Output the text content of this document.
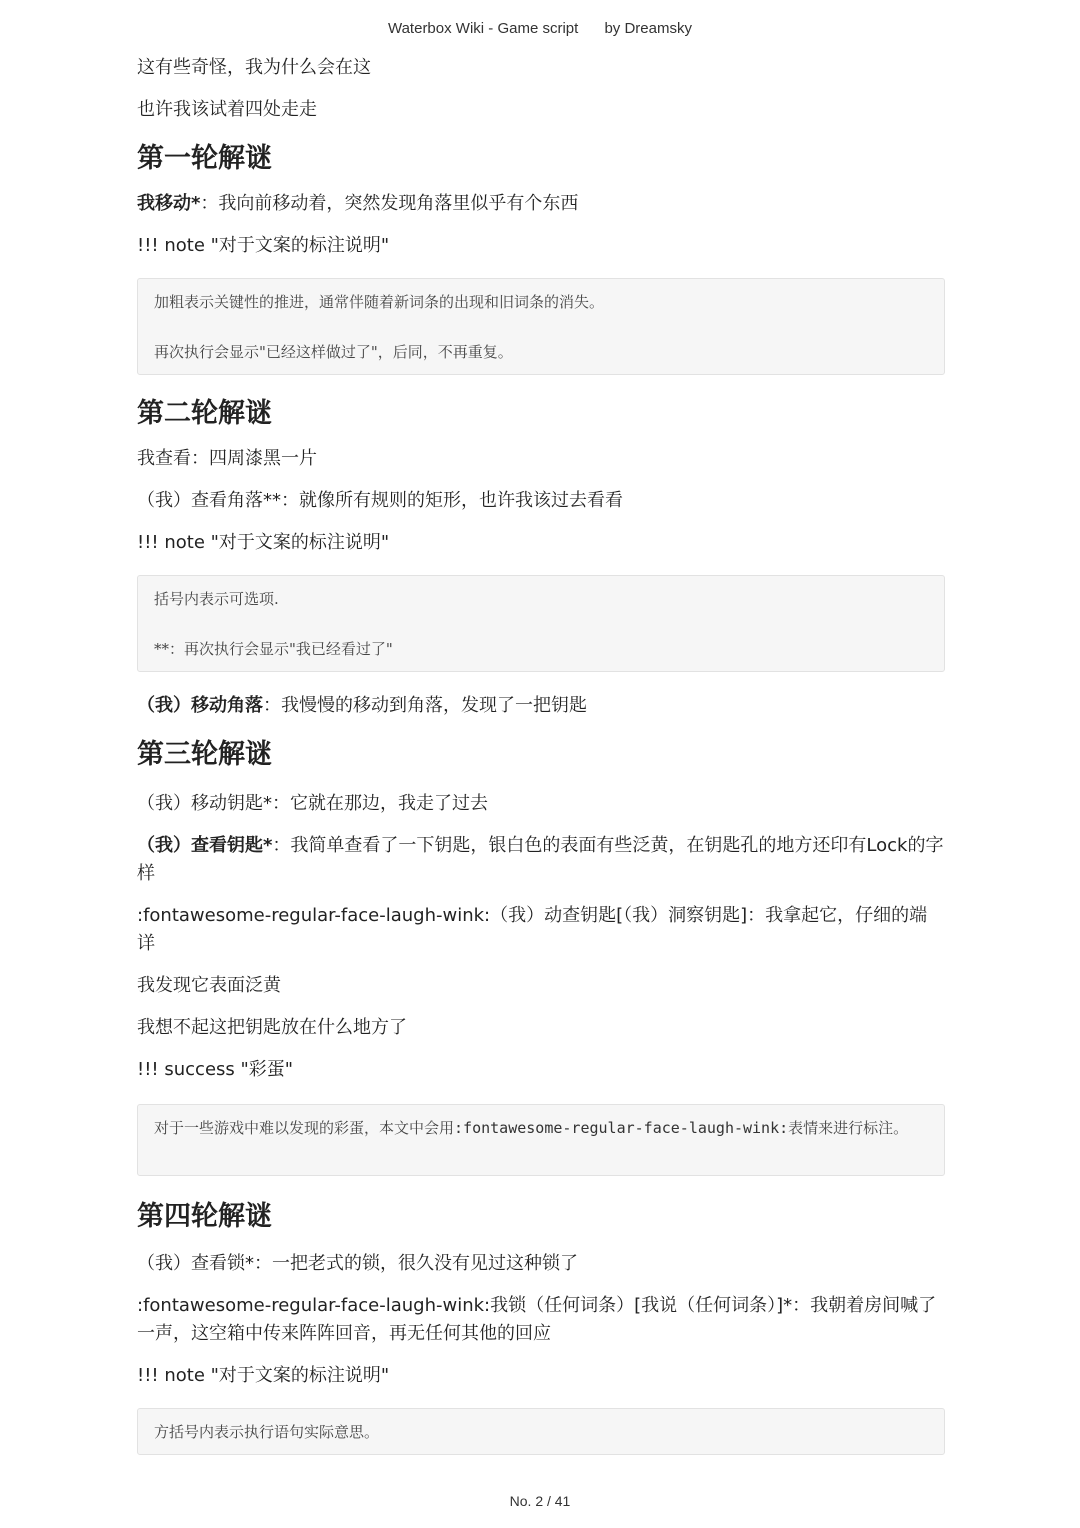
Waterbox Wiki - Game script by Dreamsky

这有些奇怪，我为什么会在这

也许我该试着四处走走

第一轮解谜

我移动*：我向前移动着，突然发现角落里似乎有个东西

!!! note "对于文案的标注说明"

加粗表示关键性的推进，通常伴随着新词条的出现和旧词条的消失。
再次执行会显示"已经这样做过了"，后同，不再重复。
第二轮解谜

我查看：四周漆黑一片

（我）查看角落**：就像所有规则的矩形，也许我该过去看看

!!! note "对于文案的标注说明"

括号内表示可选项.
**：再次执行会显示"我已经看过了"

（我）移动角落：我慢慢的移动到角落，发现了一把钥匙

第三轮解谜

（我）移动钥匙*：它就在那边，我走了过去

（我）查看钥匙*：我简单查看了一下钥匙，银白色的表面有些泛黄，在钥匙孔的地方还印有Lock的字样

:fontawesome-regular-face-laugh-wink:（我）动查钥匙[（我）洞察钥匙]：我拿起它，仔细的端详

我发现它表面泛黄

我想不起这把钥匙放在什么地方了

!!! success "彩蛋"

对于一些游戏中难以发现的彩蛋，本文中会用:fontawesome-regular-face-laugh-wink:表情来进行标注。
第四轮解谜

（我）查看锁*：一把老式的锁，很久没有见过这种锁了

:fontawesome-regular-face-laugh-wink:我锁（任何词条）[我说（任何词条）]*：我朝着房间喊了一声，这空箱中传来阵阵回音，再无任何其他的回应

!!! note "对于文案的标注说明"

方括号内表示执行语句实际意思。
No. 2 / 41
